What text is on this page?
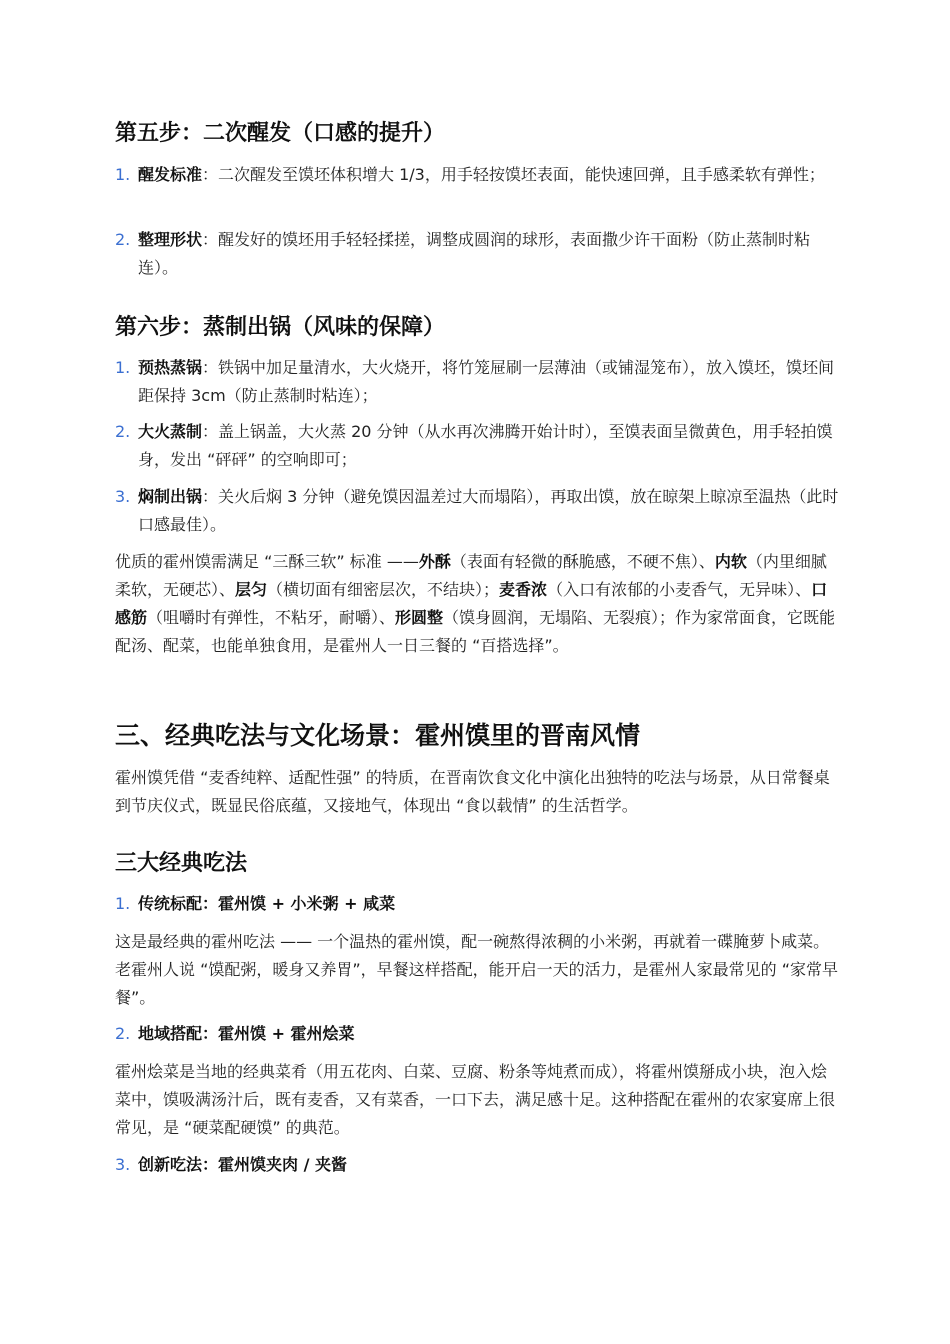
第五步：二次醒发（口感的提升）
1. 醒发标准：二次醒发至馍坯体积增大 1/3，用手轻按馍坯表面，能快速回弹，且手感柔软有弹性；
2. 整理形状：醒发好的馍坯用手轻轻揉搓，调整成圆润的球形，表面撒少许干面粉（防止蒸制时粘连）。
第六步：蒸制出锅（风味的保障）
1. 预热蒸锅：铁锅中加足量清水，大火烧开，将竹笼屉刷一层薄油（或铺湿笼布），放入馍坯，馍坯间距保持 3cm（防止蒸制时粘连）；
2. 大火蒸制：盖上锅盖，大火蒸 20 分钟（从水再次沸腾开始计时），至馍表面呈微黄色，用手轻拍馍身，发出 “砰砰” 的空响即可；
3. 焖制出锅：关火后焖 3 分钟（避免馍因温差过大而塌陷），再取出馍，放在晾架上晾凉至温热（此时口感最佳）。
优质的霍州馍需满足 “三酥三软” 标准 ——外酥（表面有轻微的酥脆感，不硬不焦）、内软（内里细腻柔软，无硬芯）、层匀（横切面有细密层次，不结块）；麦香浓（入口有浓郁的小麦香气，无异味）、口感筋（咀嚼时有弹性，不粘牙，耐嚼）、形圆整（馍身圆润，无塌陷、无裂痕）；作为家常面食，它既能配汤、配菜，也能单独食用，是霍州人一日三餐的 “百搭选择”。
三、经典吃法与文化场景：霍州馍里的晋南风情
霍州馍凭借 “麦香纯粹、适配性强” 的特质，在晋南饮食文化中演化出独特的吃法与场景，从日常餐桌到节庆仪式，既显民俗底蕴，又接地气，体现出 “食以载情” 的生活哲学。
三大经典吃法
1. 传统标配：霍州馍 + 小米粥 + 咸菜
这是最经典的霍州吃法 —— 一个温热的霍州馍，配一碗熬得浓稠的小米粥，再就着一碟腌萝卜咸菜。老霍州人说 “馍配粥，暖身又养胃”，早餐这样搭配，能开启一天的活力，是霍州人家最常见的 “家常早餐”。
2. 地域搭配：霍州馍 + 霍州烩菜
霍州烩菜是当地的经典菜肴（用五花肉、白菜、豆腐、粉条等炖煮而成），将霍州馍掰成小块，泡入烩菜中，馍吸满汤汁后，既有麦香，又有菜香，一口下去，满足感十足。这种搭配在霍州的农家宴席上很常见，是 “硬菜配硬馍” 的典范。
3. 创新吃法：霍州馍夹肉 / 夹酱
